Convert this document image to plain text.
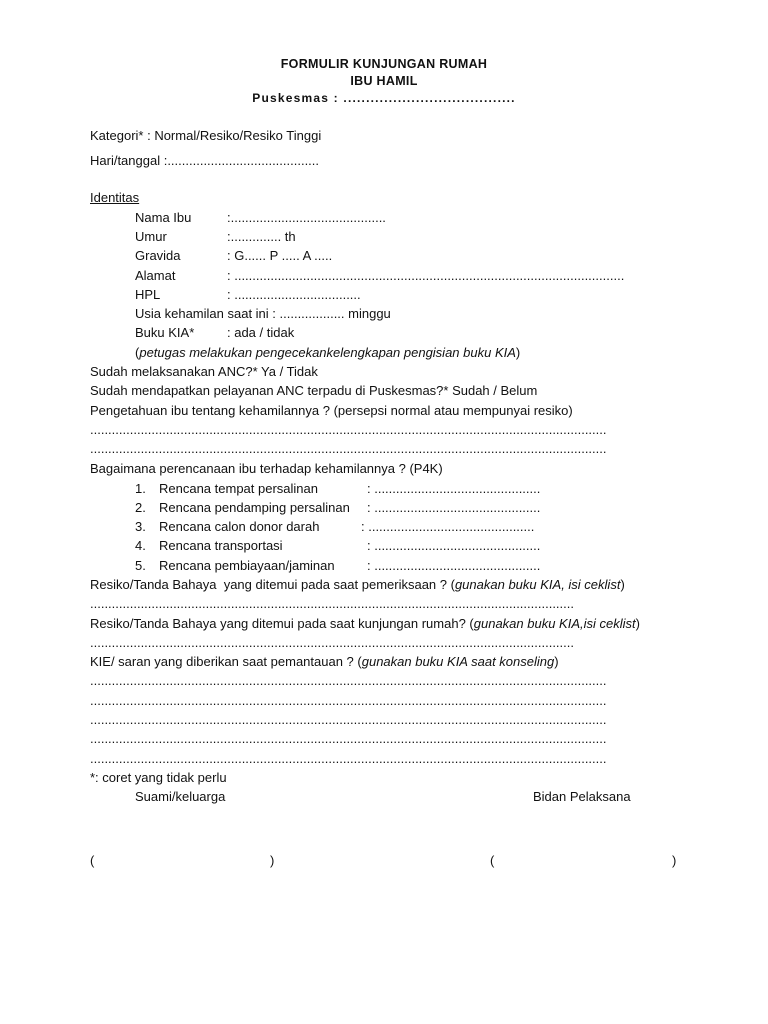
FORMULIR KUNJUNGAN RUMAH
IBU HAMIL
Puskesmas : ......................................
Kategori* : Normal/Resiko/Resiko Tinggi
Hari/tanggal :..........................................
Identitas
Nama Ibu	:...........................................
Umur	:.............. th
Gravida	: G...... P ..... A .....
Alamat	: ............................................................................................................
HPL	: ...................................
Usia kehamilan saat ini : .................. minggu
Buku KIA*	: ada / tidak
(petugas melakukan pengecekankelengkapan pengisian buku KIA)
Sudah melaksanakan ANC?* Ya / Tidak
Sudah mendapatkan pelayanan ANC terpadu di Puskesmas?* Sudah / Belum
Pengetahuan ibu tentang kehamilannya ? (persepsi normal atau mempunyai resiko)
...............................................................................................................................................
...............................................................................................................................................
Bagaimana perencanaan ibu terhadap kehamilannya ? (P4K)
1. Rencana tempat persalinan	: ..............................................
2. Rencana pendamping persalinan : ..............................................
3. Rencana calon donor darah	: ..............................................
4. Rencana transportasi	: ..............................................
5. Rencana pembiayaan/jaminan : ..............................................
Resiko/Tanda Bahaya  yang ditemui pada saat pemeriksaan ? (gunakan buku KIA, isi ceklist)
......................................................................................................................................
Resiko/Tanda Bahaya yang ditemui pada saat kunjungan rumah? (gunakan buku KIA,isi ceklist)
......................................................................................................................................
KIE/ saran yang diberikan saat pemantauan ? (gunakan buku KIA saat konseling)
...............................................................................................................................................
...............................................................................................................................................
...............................................................................................................................................
...............................................................................................................................................
...............................................................................................................................................
*: coret yang tidak perlu
Suami/keluarga	Bidan Pelaksana
(	)	(	)
